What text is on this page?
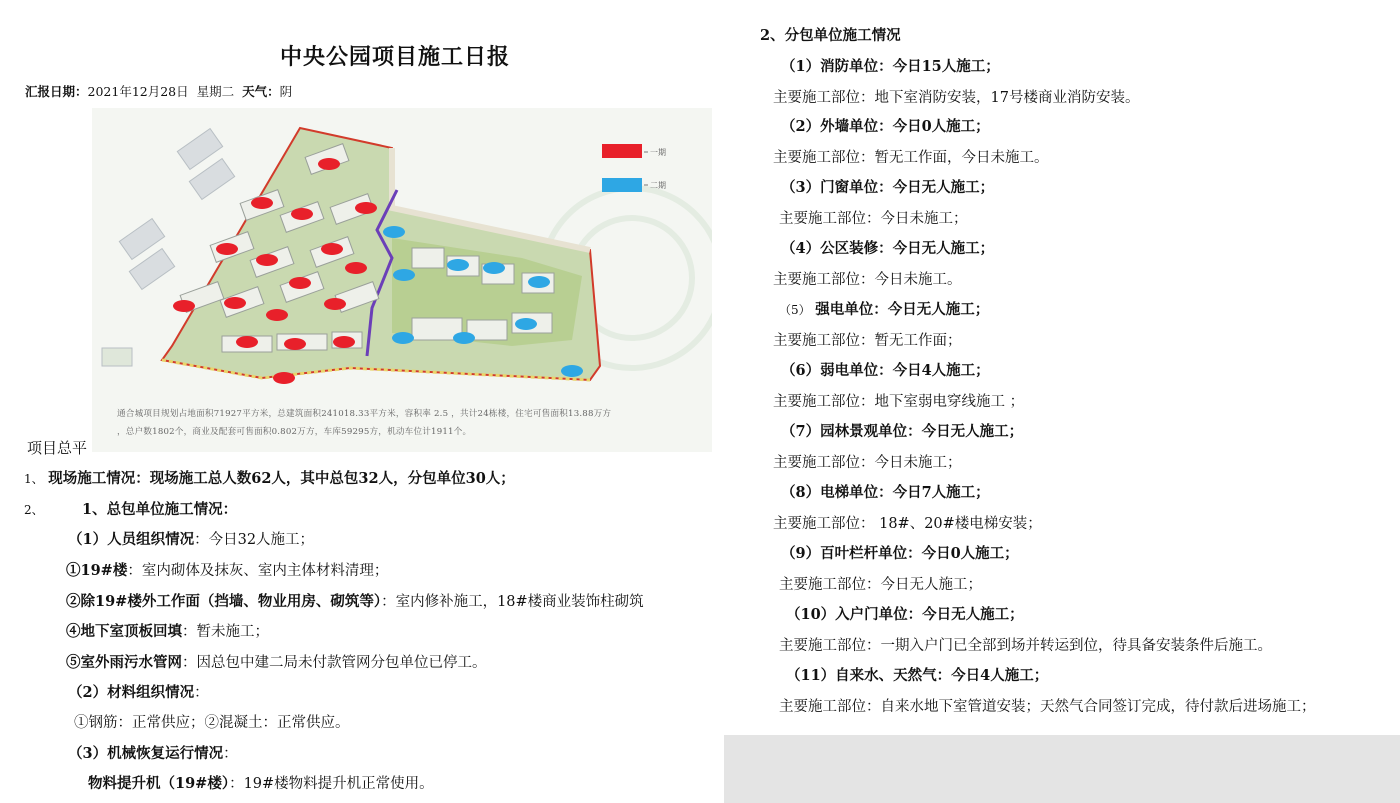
中央公园项目施工日报
汇报日期：2021年12月28日 星期二 天气：阴
一期
二期
通合城项目规划占地面积71927平方米，总建筑面积241018.33平方米，容积率 2.5 ，共计24栋楼，住宅可售面积13.88万方
，总户数1802个，商业及配套可售面积0.802万方，车库59295方，机动车位计1911个。
项目总平
1、 现场施工情况：现场施工总人数62人，其中总包32人，分包单位30人；
2、	1、总包单位施工情况：
（1）人员组织情况：今日32人施工；
①19#楼：室内砌体及抹灰、室内主体材料清理；
②除19#楼外工作面（挡墙、物业用房、砌筑等）：室内修补施工，18#楼商业装饰柱砌筑
④地下室顶板回填：暂未施工；
⑤室外雨污水管网：因总包中建二局未付款管网分包单位已停工。
（2）材料组织情况：
①钢筋：正常供应；②混凝土：正常供应。
（3）机械恢复运行情况：
物料提升机（19#楼）：19#楼物料提升机正常使用。
2、分包单位施工情况
（1）消防单位：今日15人施工；
主要施工部位：地下室消防安装，17号楼商业消防安装。
（2）外墙单位：今日0人施工；
主要施工部位：暂无工作面，今日未施工。
（3）门窗单位：今日无人施工；
主要施工部位：今日未施工；
（4）公区装修：今日无人施工；
主要施工部位：今日未施工。
（5） 强电单位：今日无人施工；
主要施工部位：暂无工作面；
（6）弱电单位：今日4人施工；
主要施工部位：地下室弱电穿线施工 ；
（7）园林景观单位：今日无人施工；
主要施工部位：今日未施工；
（8）电梯单位：今日7人施工；
主要施工部位： 18#、20#楼电梯安装；
（9）百叶栏杆单位：今日0人施工；
主要施工部位：今日无人施工；
（10）入户门单位：今日无人施工；
主要施工部位：一期入户门已全部到场并转运到位，待具备安装条件后施工。
（11）自来水、天然气：今日4人施工；
主要施工部位：自来水地下室管道安装；天然气合同签订完成，待付款后进场施工；
